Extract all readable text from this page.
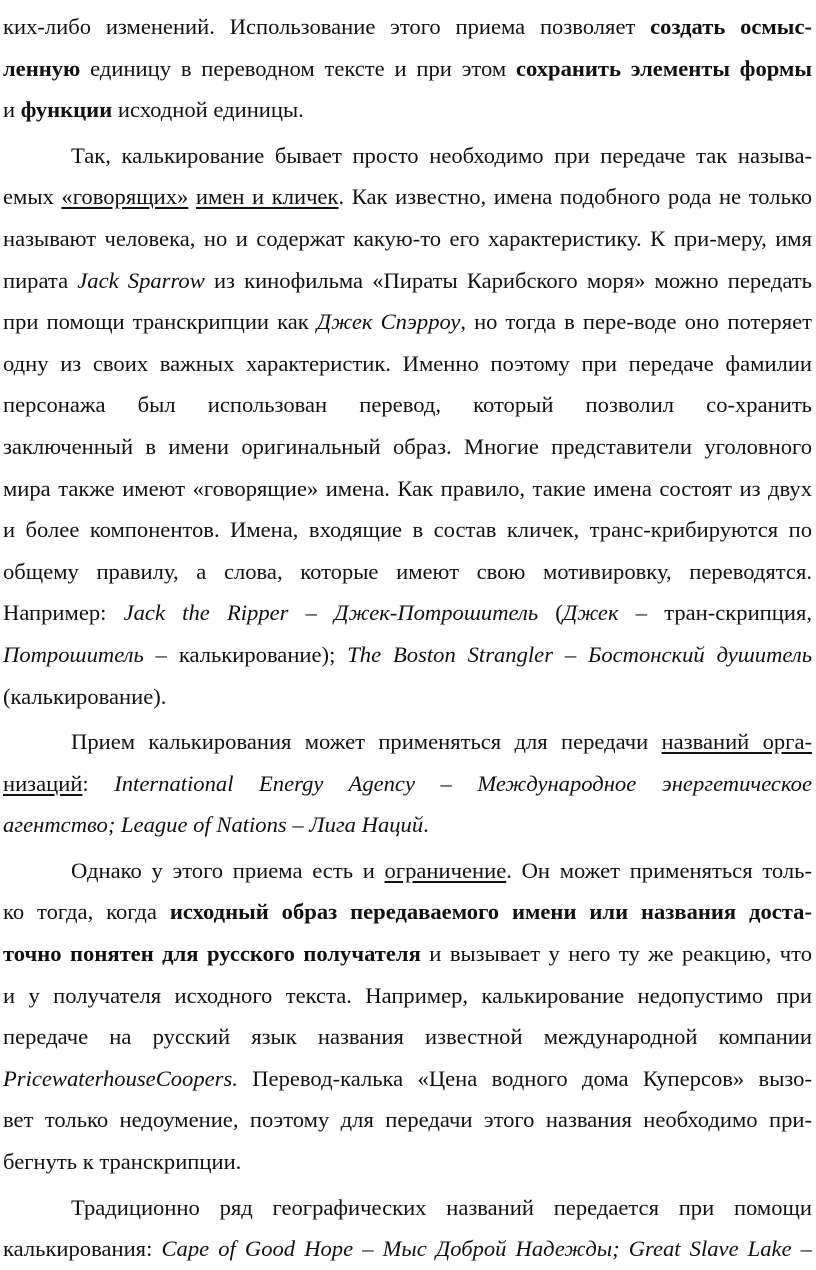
ких-либо изменений. Использование этого приема позволяет создать осмыс-
ленную единицу в переводном тексте и при этом сохранить элементы формы
и функции исходной единицы.
Так, калькирование бывает просто необходимо при передаче так называ-
емых «говорящих» имен и кличек. Как известно, имена подобного рода не только
называют человека, но и содержат какую-то его характеристику. К при-меру, имя
пирата Jack Sparrow из кинофильма «Пираты Карибского моря» можно передать
при помощи транскрипции как Джек Спэрроу, но тогда в пере-воде оно потеряет
одну из своих важных характеристик. Именно поэтому при передаче фамилии
персонажа был использован перевод, который позволил со-хранить
заключенный в имени оригинальный образ. Многие представители уголовного
мира также имеют «говорящие» имена. Как правило, такие имена состоят из двух
и более компонентов. Имена, входящие в состав кличек, транс-крибируются по
общему правилу, а слова, которые имеют свою мотивировку, переводятся.
Например: Jack the Ripper – Джек-Потрошитель (Джек – тран-скрипция,
Потрошитель – калькирование); The Boston Strangler – Бостонский душитель
(калькирование).
Прием калькирования может применяться для передачи названий орга-
низаций: International Energy Agency – Международное энергетическое
агентство; League of Nations – Лига Наций.
Однако у этого приема есть и ограничение. Он может применяться толь-
ко тогда, когда исходный образ передаваемого имени или названия доста-
точно понятен для русского получателя и вызывает у него ту же реакцию, что
и у получателя исходного текста. Например, калькирование недопустимо при
передаче на русский язык названия известной международной компании
PricewaterhouseCoopers. Перевод-калька «Цена водного дома Куперсов» вызо-
вет только недоумение, поэтому для передачи этого названия необходимо при-
бегнуть к транскрипции.
Традиционно ряд географических названий передается при помощи
калькирования: Cape of Good Hope – Мыс Доброй Надежды; Great Slave Lake –
